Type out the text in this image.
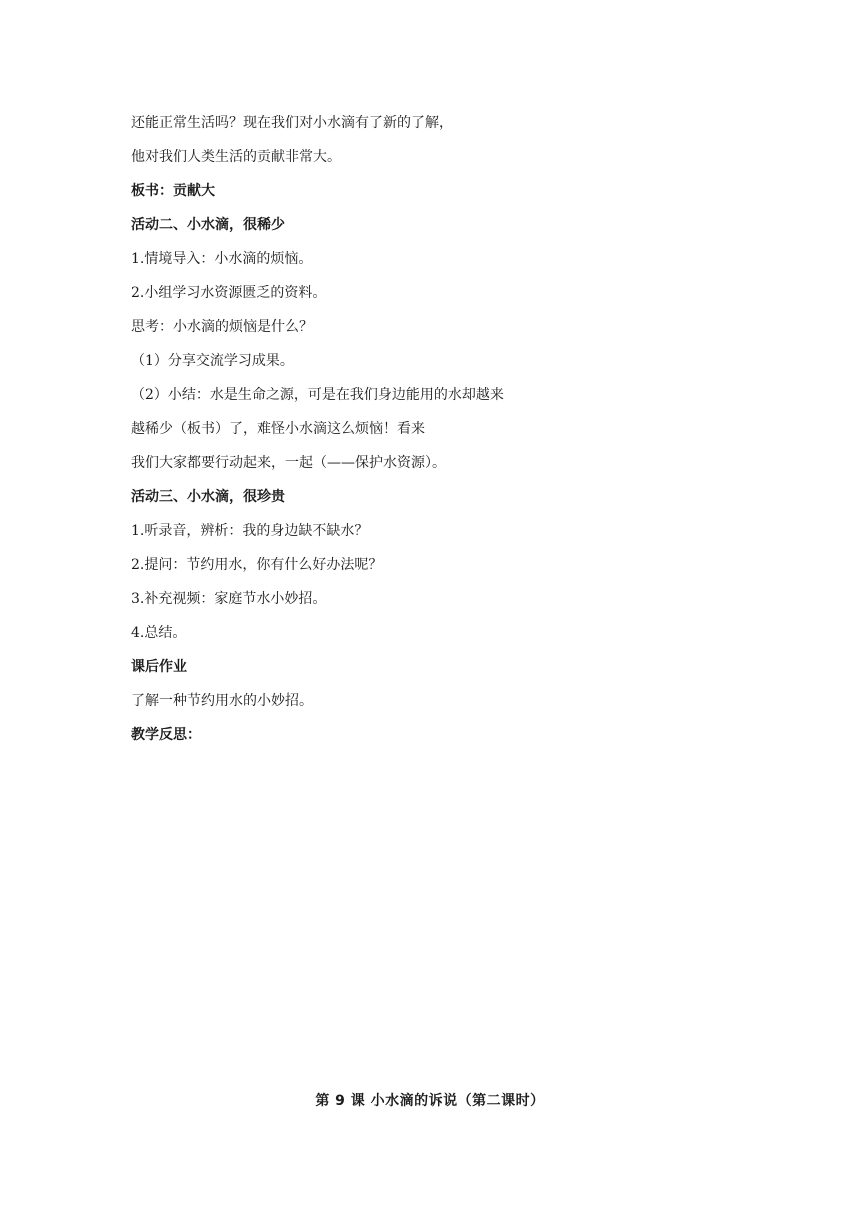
还能正常生活吗？现在我们对小水滴有了新的了解，
他对我们人类生活的贡献非常大。
板书：贡献大
活动二、小水滴，很稀少
1.情境导入：小水滴的烦恼。
2.小组学习水资源匮乏的资料。
思考：小水滴的烦恼是什么？
（1）分享交流学习成果。
（2）小结：水是生命之源，可是在我们身边能用的水却越来
越稀少（板书）了，难怪小水滴这么烦恼！看来
我们大家都要行动起来，一起（——保护水资源）。
活动三、小水滴，很珍贵
1.听录音，辨析：我的身边缺不缺水？
2.提问：节约用水，你有什么好办法呢？
3.补充视频：家庭节水小妙招。
4.总结。
课后作业
了解一种节约用水的小妙招。
教学反思：
第 9 课 小水滴的诉说（第二课时）
